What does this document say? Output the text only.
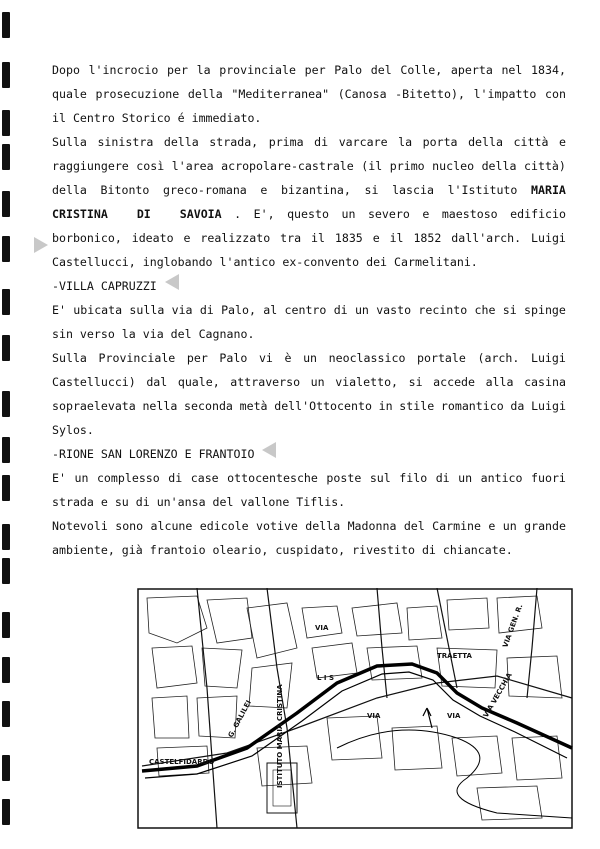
Dopo l'incrocio per la provinciale per Palo del Colle, aperta nel 1834,
quale prosecuzione della "Mediterranea" (Canosa -Bitetto), l'impatto con
il Centro Storico é immediato.
Sulla sinistra della strada, prima di varcare la porta della città e
raggiungere così l'area acropolare-castrale (il primo nucleo della città)
della Bitonto greco-romana e bizantina, si lascia l'Istituto MARIA
CRISTINA DI SAVOIA . E', questo un severo e maestoso edificio
borbonico, ideato e realizzato tra il 1835 e il 1852 dall'arch. Luigi
Castellucci, inglobando l'antico ex-convento dei Carmelitani.
-VILLA CAPRUZZI
E' ubicata sulla via di Palo, al centro di un vasto recinto che si spinge
sin verso la via del Cagnano.
Sulla Provinciale per Palo vi è un neoclassico portale (arch. Luigi
Castellucci) dal quale, attraverso un vialetto, si accede alla casina
sopraelevata nella seconda metà dell'Ottocento in stile romantico da Luigi
Sylos.
-RIONE SAN LORENZO E FRANTOIO
E' un complesso di case ottocentesche poste sul filo di un antico fuori
strada e su di un'ansa del vallone Tiflis.
Notevoli sono alcune edicole votive della Madonna del Carmine e un grande
ambiente, già frantoio oleario, cuspidato, rivestito di chiancate.
VIA
TRAETTA
VIA GEN. R.
VIA VECCHIA
VIA
L I S
CASTELFIDARDO
G. GALILEI	ISTITUTO MARIA CRISTINA	VIA
